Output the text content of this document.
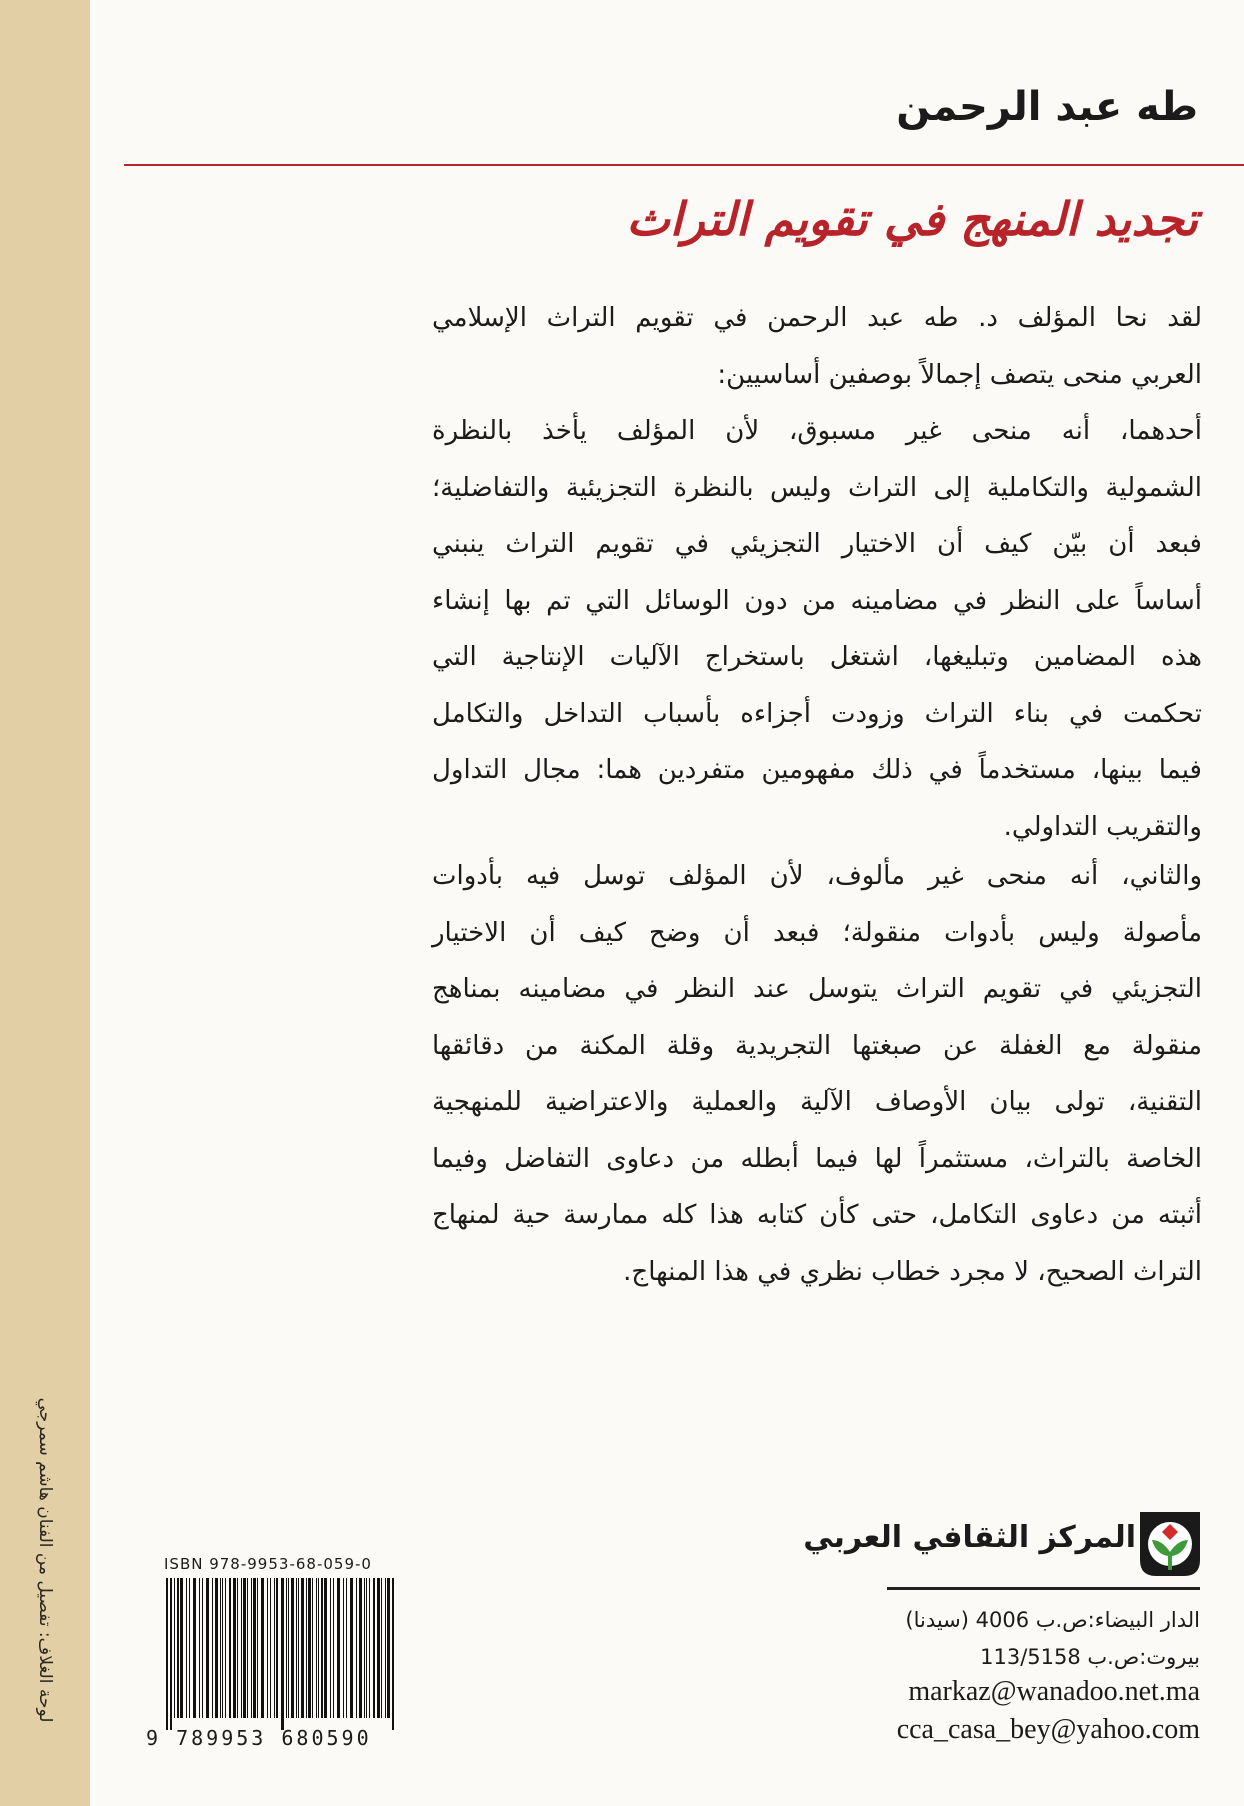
لوحة الغلاف: تفصيل من الفنان هاشم سمرجي
طه عبد الرحمن
تجديد المنهج في تقويم التراث
لقد نحا المؤلف د. طه عبد الرحمن في تقويم التراث الإسلامي
العربي منحى يتصف إجمالاً بوصفين أساسيين:
أحدهما، أنه منحى غير مسبوق، لأن المؤلف يأخذ بالنظرة
الشمولية والتكاملية إلى التراث وليس بالنظرة التجزيئية والتفاضلية؛
فبعد أن بيّن كيف أن الاختيار التجزيئي في تقويم التراث ينبني
أساساً على النظر في مضامينه من دون الوسائل التي تم بها إنشاء
هذه المضامين وتبليغها، اشتغل باستخراج الآليات الإنتاجية التي
تحكمت في بناء التراث وزودت أجزاءه بأسباب التداخل والتكامل
فيما بينها، مستخدماً في ذلك مفهومين متفردين هما: مجال التداول
والتقريب التداولي.
والثاني، أنه منحى غير مألوف، لأن المؤلف توسل فيه بأدوات
مأصولة وليس بأدوات منقولة؛ فبعد أن وضح كيف أن الاختيار
التجزيئي في تقويم التراث يتوسل عند النظر في مضامينه بمناهج
منقولة مع الغفلة عن صبغتها التجريدية وقلة المكنة من دقائقها
التقنية، تولى بيان الأوصاف الآلية والعملية والاعتراضية للمنهجية
الخاصة بالتراث، مستثمراً لها فيما أبطله من دعاوى التفاضل وفيما
أثبته من دعاوى التكامل، حتى كأن كتابه هذا كله ممارسة حية لمنهاج
التراث الصحيح، لا مجرد خطاب نظري في هذا المنهاج.
ISBN 978-9953-68-059-0
9 789953 680590
المركز الثقافي العربي
الدار البيضاء:ص.ب 4006 (سيدنا)
بيروت:ص.ب 113/5158
markaz@wanadoo.net.ma
cca_casa_bey@yahoo.com
